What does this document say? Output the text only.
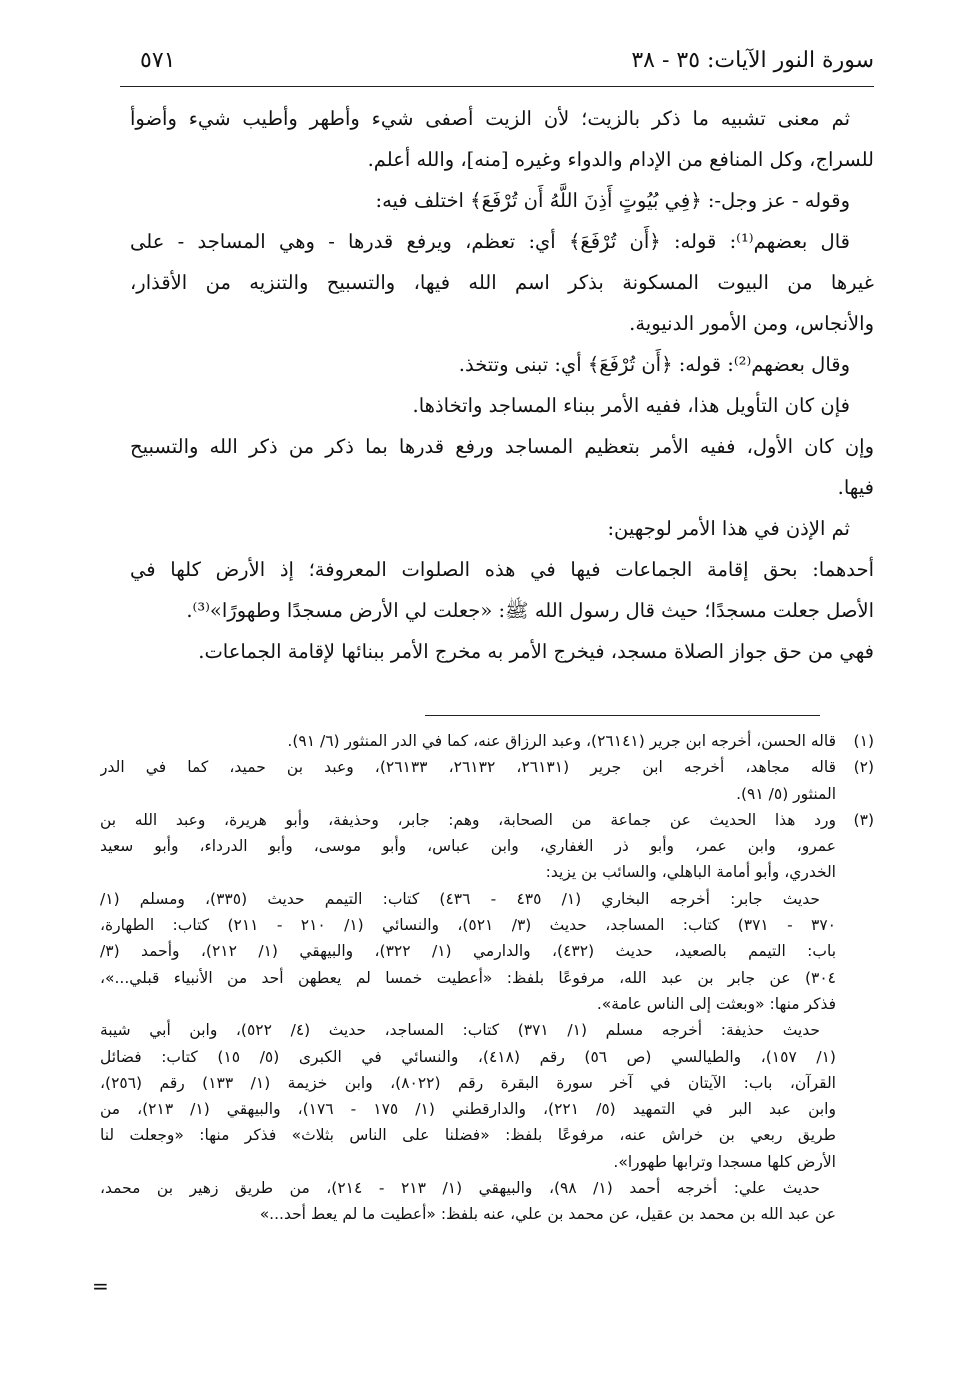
سورة النور الآيات: ٣٥ - ٣٨
٥٧١
ثم معنى تشبيه ما ذكر بالزيت؛ لأن الزيت أصفى شيء وأطهر وأطيب شيء وأضوأ
للسراج، وكل المنافع من الإدام والدواء وغيره [منه]، والله أعلم.
وقوله - عز وجل-: ﴿فِي بُيُوتٍ أَذِنَ اللَّهُ أَن تُرْفَعَ﴾ اختلف فيه:
قال بعضهم⁽¹⁾: قوله: ﴿أَن تُرْفَعَ﴾ أي: تعظم، ويرفع قدرها - وهي المساجد - على
غيرها من البيوت المسكونة بذكر اسم الله فيها، والتسبيح والتنزيه من الأقذار،
والأنجاس، ومن الأمور الدنيوية.
وقال بعضهم⁽²⁾: قوله: ﴿أَن تُرْفَعَ﴾ أي: تبنى وتتخذ.
فإن كان التأويل هذا، ففيه الأمر ببناء المساجد واتخاذها.
وإن كان الأول، ففيه الأمر بتعظيم المساجد ورفع قدرها بما ذكر من ذكر الله والتسبيح
فيها.
ثم الإذن في هذا الأمر لوجهين:
أحدهما: بحق إقامة الجماعات فيها في هذه الصلوات المعروفة؛ إذ الأرض كلها في
الأصل جعلت مسجدًا؛ حيث قال رسول الله ﷺ: «جعلت لي الأرض مسجدًا وطهورًا»⁽³⁾.
فهي من حق جواز الصلاة مسجد، فيخرج الأمر به مخرج الأمر ببنائها لإقامة الجماعات.
(١)قاله الحسن، أخرجه ابن جرير (٢٦١٤١)، وعبد الرزاق عنه، كما في الدر المنثور (٦/ ٩١).
(٢)قاله مجاهد، أخرجه ابن جرير (٢٦١٣١، ٢٦١٣٢، ٢٦١٣٣)، وعبد بن حميد، كما في الدر
المنثور (٥/ ٩١).
(٣)ورد هذا الحديث عن جماعة من الصحابة، وهم: جابر، وحذيفة، وأبو هريرة، وعبد الله بن
عمرو، وابن عمر، وأبو ذر الغفاري، وابن عباس، وأبو موسى، وأبو الدرداء، وأبو سعيد
الخدري، وأبو أمامة الباهلي، والسائب بن يزيد:
حديث جابر: أخرجه البخاري (١/ ٤٣٥ - ٤٣٦) كتاب: التيمم حديث (٣٣٥)، ومسلم (١/
٣٧٠ - ٣٧١) كتاب: المساجد، حديث (٣/ ٥٢١)، والنسائي (١/ ٢١٠ - ٢١١) كتاب: الطهارة،
باب: التيمم بالصعيد، حديث (٤٣٢)، والدارمي (١/ ٣٢٢)، والبيهقي (١/ ٢١٢)، وأحمد (٣/
٣٠٤) عن جابر بن عبد الله، مرفوعًا بلفظ: «أعطيت خمسا لم يعطهن أحد من الأنبياء قبلي...»،
فذكر منها: «وبعثت إلى الناس عامة».
حديث حذيفة: أخرجه مسلم (١/ ٣٧١) كتاب: المساجد، حديث (٤/ ٥٢٢)، وابن أبي شيبة
(١/ ١٥٧)، والطيالسي (ص ٥٦) رقم (٤١٨)، والنسائي في الكبرى (٥/ ١٥) كتاب: فضائل
القرآن، باب: الآيتان في آخر سورة البقرة رقم (٨٠٢٢)، وابن خزيمة (١/ ١٣٣) رقم (٢٥٦)،
وابن عبد البر في التمهيد (٥/ ٢٢١)، والدارقطني (١/ ١٧٥ - ١٧٦)، والبيهقي (١/ ٢١٣)، من
طريق ربعي بن خراش عنه، مرفوعًا بلفظ: «فضلنا على الناس بثلاث» فذكر منها: «وجعلت لنا
الأرض كلها مسجدا وترابها طهورا».
حديث علي: أخرجه أحمد (١/ ٩٨)، والبيهقي (١/ ٢١٣ - ٢١٤)، من طريق زهير بن محمد،
عن عبد الله بن محمد بن عقيل، عن محمد بن علي، عنه بلفظ: «أعطيت ما لم يعط أحد...»
=
